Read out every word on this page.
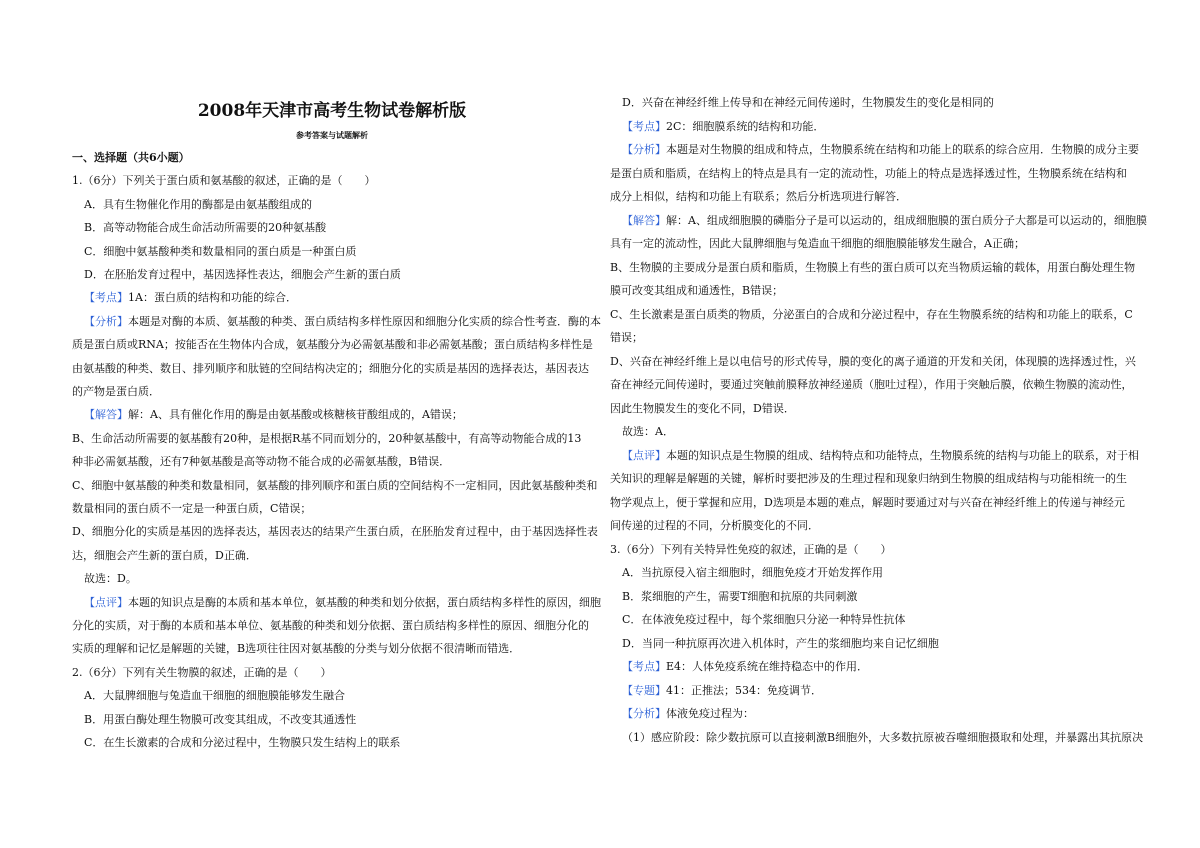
2008年天津市高考生物试卷解析版
参考答案与试题解析
一、选择题（共6小题）
1.（6分）下列关于蛋白质和氨基酸的叙述，正确的是（　　）
A．具有生物催化作用的酶都是由氨基酸组成的
B．高等动物能合成生命活动所需要的20种氨基酸
C．细胞中氨基酸种类和数量相同的蛋白质是一种蛋白质
D．在胚胎发育过程中，基因选择性表达，细胞会产生新的蛋白质
【考点】1A：蛋白质的结构和功能的综合．
【分析】本题是对酶的本质、氨基酸的种类、蛋白质结构多样性原因和细胞分化实质的综合性考查．酶的本
质是蛋白质或RNA；按能否在生物体内合成，氨基酸分为必需氨基酸和非必需氨基酸；蛋白质结构多样性是
由氨基酸的种类、数目、排列顺序和肽链的空间结构决定的；细胞分化的实质是基因的选择表达，基因表达
的产物是蛋白质．
【解答】解：A、具有催化作用的酶是由氨基酸或核糖核苷酸组成的，A错误；
B、生命活动所需要的氨基酸有20种，是根据R基不同而划分的，20种氨基酸中，有高等动物能合成的13
种非必需氨基酸，还有7种氨基酸是高等动物不能合成的必需氨基酸，B错误．
C、细胞中氨基酸的种类和数量相同，氨基酸的排列顺序和蛋白质的空间结构不一定相同，因此氨基酸种类和
数量相同的蛋白质不一定是一种蛋白质，C错误；
D、细胞分化的实质是基因的选择表达，基因表达的结果产生蛋白质，在胚胎发育过程中，由于基因选择性表
达，细胞会产生新的蛋白质，D正确．
故选：D。
【点评】本题的知识点是酶的本质和基本单位，氨基酸的种类和划分依据，蛋白质结构多样性的原因，细胞
分化的实质，对于酶的本质和基本单位、氨基酸的种类和划分依据、蛋白质结构多样性的原因、细胞分化的
实质的理解和记忆是解题的关键，B选项往往因对氨基酸的分类与划分依据不很清晰而错选．
2.（6分）下列有关生物膜的叙述，正确的是（　　）
A．大鼠脾细胞与兔造血干细胞的细胞膜能够发生融合
B．用蛋白酶处理生物膜可改变其组成，不改变其通透性
C．在生长激素的合成和分泌过程中，生物膜只发生结构上的联系
D．兴奋在神经纤维上传导和在神经元间传递时，生物膜发生的变化是相同的
【考点】2C：细胞膜系统的结构和功能．
【分析】本题是对生物膜的组成和特点，生物膜系统在结构和功能上的联系的综合应用．生物膜的成分主要
是蛋白质和脂质，在结构上的特点是具有一定的流动性，功能上的特点是选择透过性，生物膜系统在结构和
成分上相似，结构和功能上有联系；然后分析选项进行解答．
【解答】解：A、组成细胞膜的磷脂分子是可以运动的，组成细胞膜的蛋白质分子大都是可以运动的，细胞膜
具有一定的流动性，因此大鼠脾细胞与兔造血干细胞的细胞膜能够发生融合，A正确；
B、生物膜的主要成分是蛋白质和脂质，生物膜上有些的蛋白质可以充当物质运输的载体，用蛋白酶处理生物
膜可改变其组成和通透性，B错误；
C、生长激素是蛋白质类的物质，分泌蛋白的合成和分泌过程中，存在生物膜系统的结构和功能上的联系，C
错误；
D、兴奋在神经纤维上是以电信号的形式传导，膜的变化的离子通道的开发和关闭，体现膜的选择透过性，兴
奋在神经元间传递时，要通过突触前膜释放神经递质（胞吐过程），作用于突触后膜，依赖生物膜的流动性，
因此生物膜发生的变化不同，D错误．
故选：A．
【点评】本题的知识点是生物膜的组成、结构特点和功能特点，生物膜系统的结构与功能上的联系，对于相
关知识的理解是解题的关键，解析时要把涉及的生理过程和现象归纳到生物膜的组成结构与功能相统一的生
物学观点上，便于掌握和应用，D选项是本题的难点，解题时要通过对与兴奋在神经纤维上的传递与神经元
间传递的过程的不同，分析膜变化的不同．
3.（6分）下列有关特异性免疫的叙述，正确的是（　　）
A．当抗原侵入宿主细胞时，细胞免疫才开始发挥作用
B．浆细胞的产生，需要T细胞和抗原的共同刺激
C．在体液免疫过程中，每个浆细胞只分泌一种特异性抗体
D．当同一种抗原再次进入机体时，产生的浆细胞均来自记忆细胞
【考点】E4：人体免疫系统在维持稳态中的作用．
【专题】41：正推法；534：免疫调节．
【分析】体液免疫过程为：
（1）感应阶段：除少数抗原可以直接刺激B细胞外，大多数抗原被吞噬细胞摄取和处理，并暴露出其抗原决
